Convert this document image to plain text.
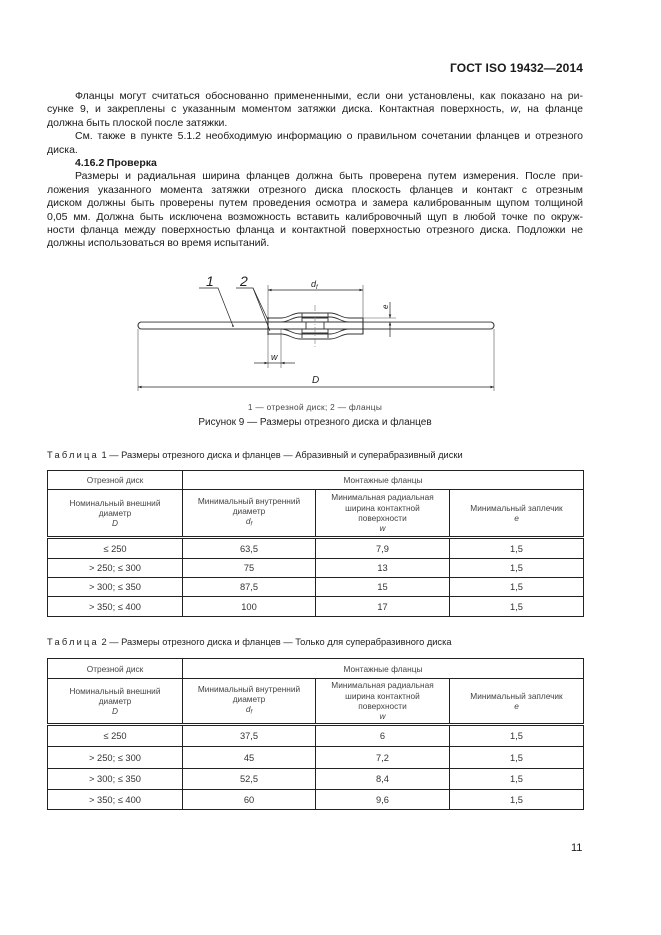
ГОСТ ISO 19432—2014
Фланцы могут считаться обоснованно примененными, если они установлены, как показано на ри-
сунке 9, и закреплены с указанным моментом затяжки диска. Контактная поверхность, w, на фланце
должна быть плоской после затяжки.
См. также в пункте 5.1.2 необходимую информацию о правильном сочетании фланцев и отрезного
диска.
4.16.2 Проверка
Размеры и радиальная ширина фланцев должна быть проверена путем измерения. После при-
ложения указанного момента затяжки отрезного диска плоскость фланцев и контакт с отрезным
диском должны быть проверены путем проведения осмотра и замера калиброванным щупом толщиной
0,05 мм. Должна быть исключена возможность вставить калибровочный щуп в любой точке по окруж-
ности фланца между поверхностью фланца и контактной поверхностью отрезного диска. Подложки не
должны использоваться во время испытаний.
1 2	$d_f$
e
w
D
1 — отрезной диск; 2 — фланцы
Рисунок 9 — Размеры отрезного диска и фланцев
Таблица 1 — Размеры отрезного диска и фланцев — Абразивный и суперабразивный диски
Отрезной диск	Монтажные фланцы		
Номинальный внешний
диаметр
D	Минимальный внутренний
диаметр
$d_f$	Минимальная радиальная
ширина контактной
поверхности
w	Минимальный заплечик
e

≤ 250	63,5	7,9	1,5
> 250; ≤ 300	75	13	1,5
> 300; ≤ 350	87,5	15	1,5
> 350; ≤ 400	100	17	1,5
Таблица 2 — Размеры отрезного диска и фланцев — Только для суперабразивного диска
Отрезной диск	Монтажные фланцы		
Номинальный внешний
диаметр
D	Минимальный внутренний
диаметр
$d_f$	Минимальная радиальная
ширина контактной
поверхности
w	Минимальный заплечик
e

≤ 250	37,5	6	1,5
> 250; ≤ 300	45	7,2	1,5
> 300; ≤ 350	52,5	8,4	1,5
> 350; ≤ 400	60	9,6	1,5
11
